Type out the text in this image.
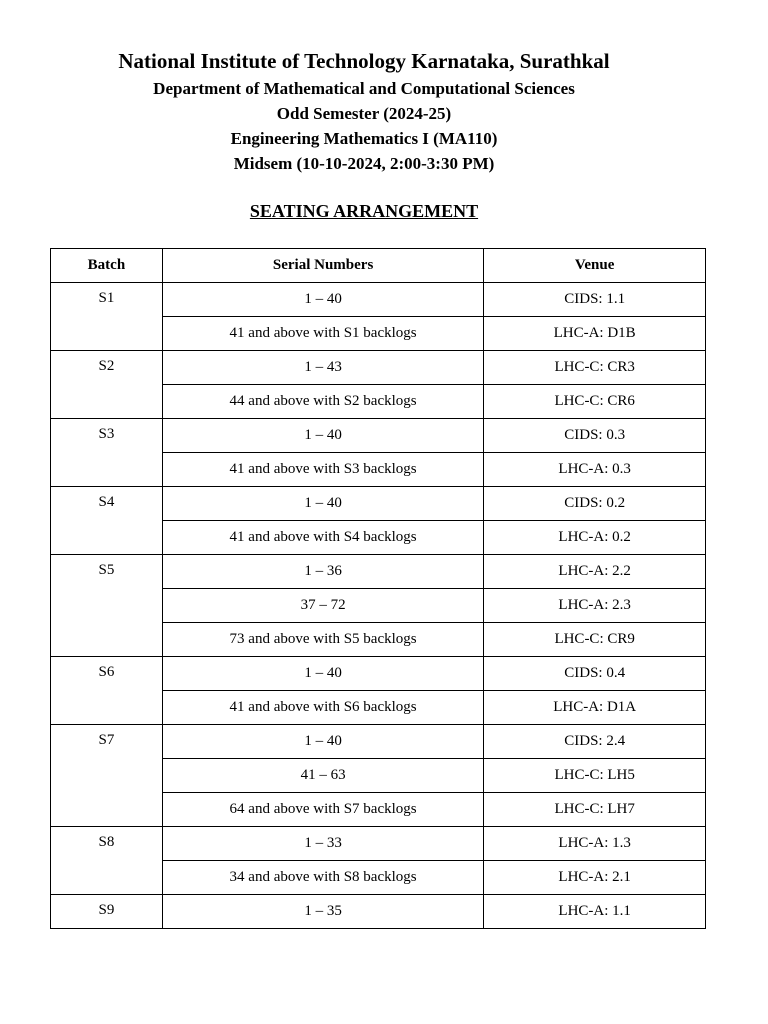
National Institute of Technology Karnataka, Surathkal
Department of Mathematical and Computational Sciences
Odd Semester (2024-25)
Engineering Mathematics I (MA110)
Midsem (10-10-2024, 2:00-3:30 PM)
SEATING ARRANGEMENT
Batch	Serial Numbers	Venue
S1	1 – 40	CIDS: 1.1
	41 and above with S1 backlogs	LHC-A: D1B
S2	1 – 43	LHC-C: CR3
	44 and above with S2 backlogs	LHC-C: CR6
S3	1 – 40	CIDS: 0.3
	41 and above with S3 backlogs	LHC-A: 0.3
S4	1 – 40	CIDS: 0.2
	41 and above with S4 backlogs	LHC-A: 0.2
S5	1 – 36	LHC-A: 2.2
	37 – 72	LHC-A: 2.3
	73 and above with S5 backlogs	LHC-C: CR9
S6	1 – 40	CIDS: 0.4
	41 and above with S6 backlogs	LHC-A: D1A
S7	1 – 40	CIDS: 2.4
	41 – 63	LHC-C: LH5
	64 and above with S7 backlogs	LHC-C: LH7
S8	1 – 33	LHC-A: 1.3
	34 and above with S8 backlogs	LHC-A: 2.1
S9	1 – 35	LHC-A: 1.1
